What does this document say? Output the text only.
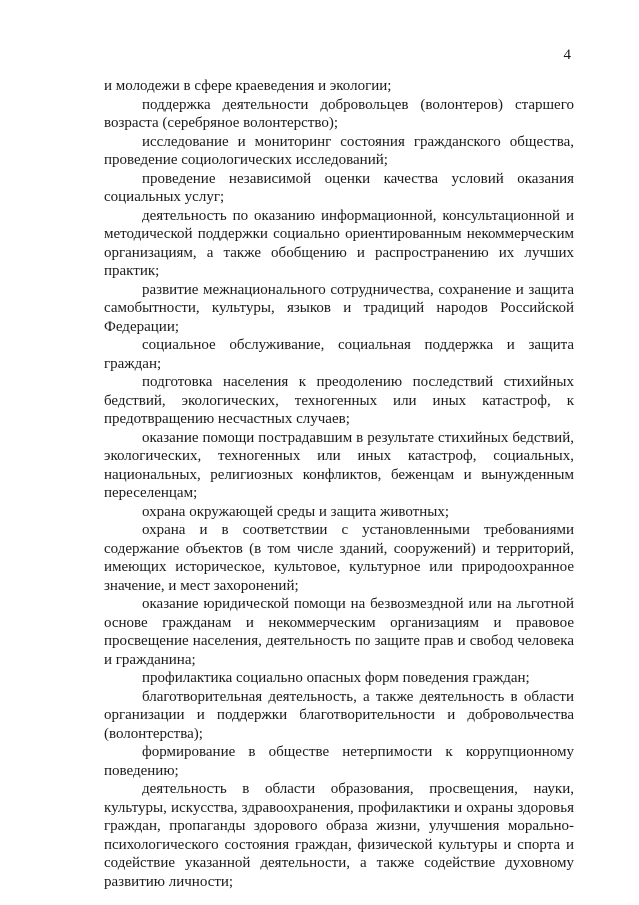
4

и молодежи в сфере краеведения и экологии;

поддержка деятельности добровольцев (волонтеров) старшего возраста (серебряное волонтерство);

исследование и мониторинг состояния гражданского общества, проведение социологических исследований;

проведение независимой оценки качества условий оказания социальных услуг;

деятельность по оказанию информационной, консультационной и методической поддержки социально ориентированным некоммерческим организациям, а также обобщению и распространению их лучших практик;

развитие межнационального сотрудничества, сохранение и защита самобытности, культуры, языков и традиций народов Российской Федерации;

социальное обслуживание, социальная поддержка и защита граждан;

подготовка населения к преодолению последствий стихийных бедствий, экологических, техногенных или иных катастроф, к предотвращению несчастных случаев;

оказание помощи пострадавшим в результате стихийных бедствий, экологических, техногенных или иных катастроф, социальных, национальных, религиозных конфликтов, беженцам и вынужденным переселенцам;

охрана окружающей среды и защита животных;

охрана и в соответствии с установленными требованиями содержание объектов (в том числе зданий, сооружений) и территорий, имеющих историческое, культовое, культурное или природоохранное значение, и мест захоронений;

оказание юридической помощи на безвозмездной или на льготной основе гражданам и некоммерческим организациям и правовое просвещение населения, деятельность по защите прав и свобод человека и гражданина;

профилактика социально опасных форм поведения граждан;

благотворительная деятельность, а также деятельность в области организации и поддержки благотворительности и добровольчества (волонтерства);

формирование в обществе нетерпимости к коррупционному поведению;

деятельность в области образования, просвещения, науки, культуры, искусства, здравоохранения, профилактики и охраны здоровья граждан, пропаганды здорового образа жизни, улучшения морально-психологического состояния граждан, физической культуры и спорта и содействие указанной деятельности, а также содействие духовному развитию личности;
